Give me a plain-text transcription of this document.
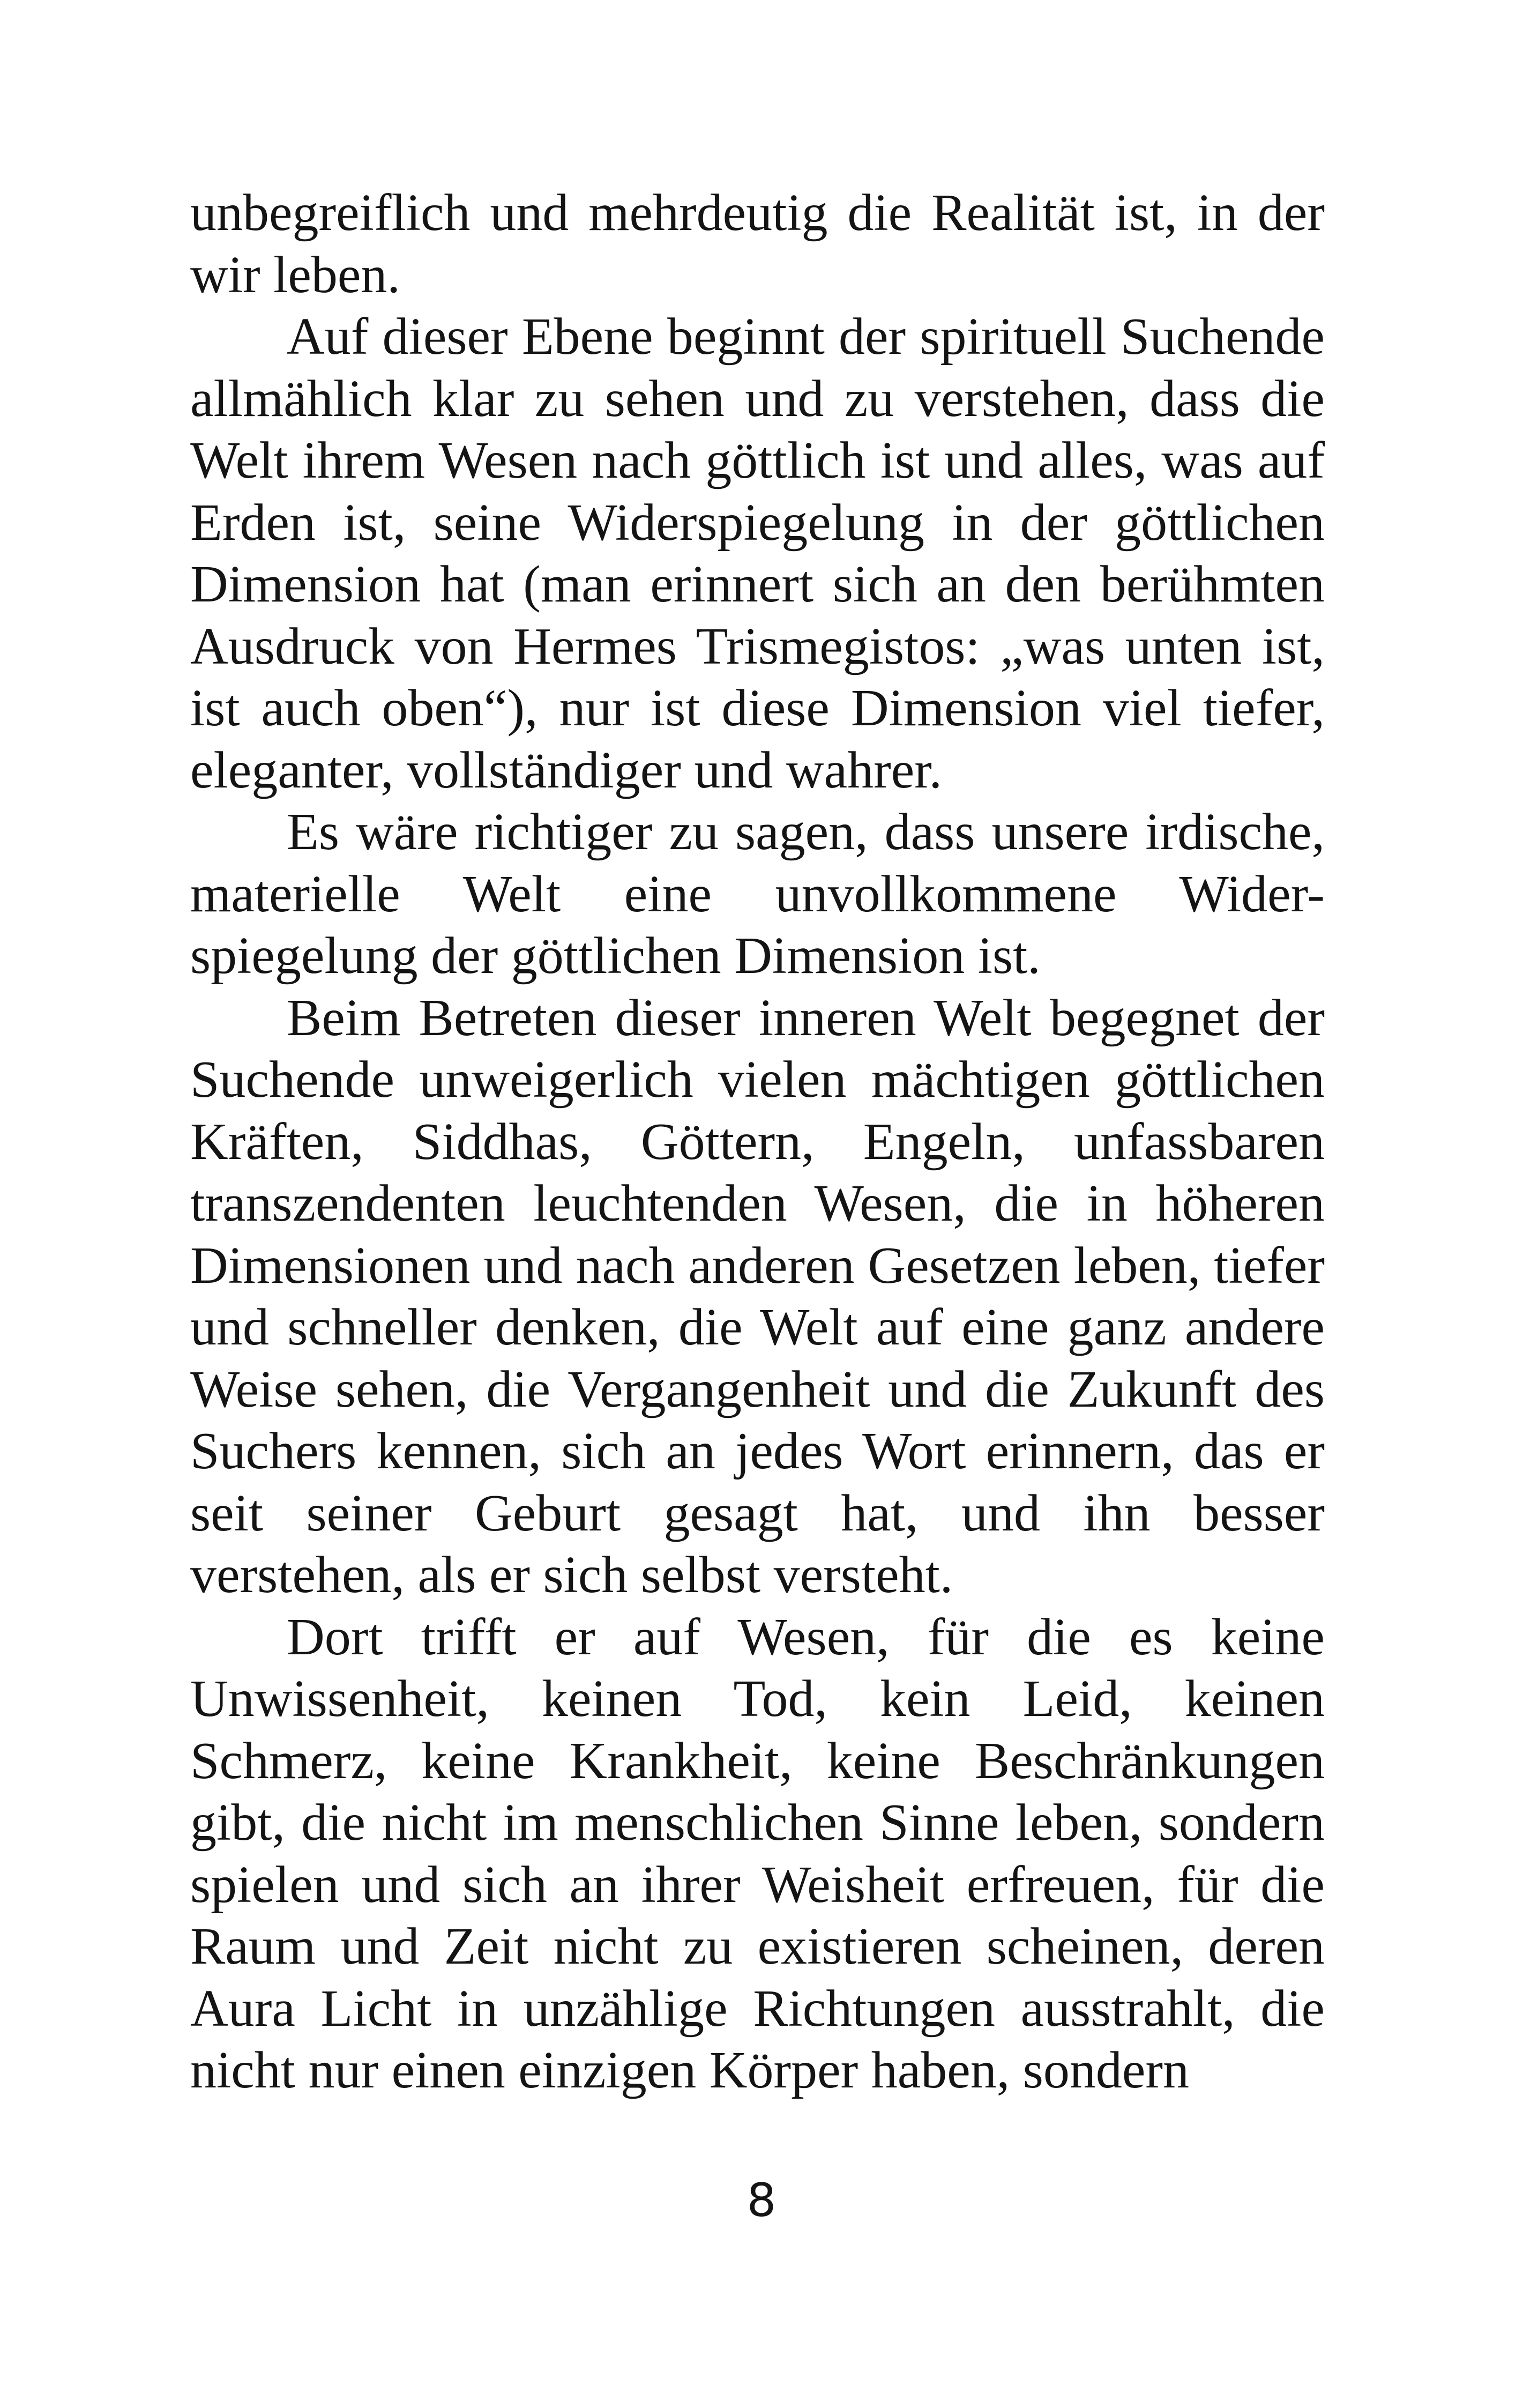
unbegreiflich und mehrdeutig die Realität ist, in der wir leben.

Auf dieser Ebene beginnt der spirituell Suchende allmählich klar zu sehen und zu verstehen, dass die Welt ihrem Wesen nach göttlich ist und alles, was auf Erden ist, seine Widerspiegelung in der göttlichen Dimension hat (man erinnert sich an den berühmten Ausdruck von Hermes Trismegistos: „was unten ist, ist auch oben“), nur ist diese Dimension viel tiefer, eleganter, vollständiger und wahrer.

Es wäre richtiger zu sagen, dass unsere irdische, materielle Welt eine unvollkommene Wider-spiegelung der göttlichen Dimension ist.

Beim Betreten dieser inneren Welt begegnet der Suchende unweigerlich vielen mächtigen göttlichen Kräften, Siddhas, Göttern, Engeln, unfassbaren transzendenten leuchtenden Wesen, die in höheren Dimensionen und nach anderen Gesetzen leben, tiefer und schneller denken, die Welt auf eine ganz andere Weise sehen, die Vergangenheit und die Zukunft des Suchers kennen, sich an jedes Wort erinnern, das er seit seiner Geburt gesagt hat, und ihn besser verstehen, als er sich selbst versteht.

Dort trifft er auf Wesen, für die es keine Unwissenheit, keinen Tod, kein Leid, keinen Schmerz, keine Krankheit, keine Beschränkungen gibt, die nicht im menschlichen Sinne leben, sondern spielen und sich an ihrer Weisheit erfreuen, für die Raum und Zeit nicht zu existieren scheinen, deren Aura Licht in unzählige Richtungen ausstrahlt, die nicht nur einen einzigen Körper haben, sondern

8
